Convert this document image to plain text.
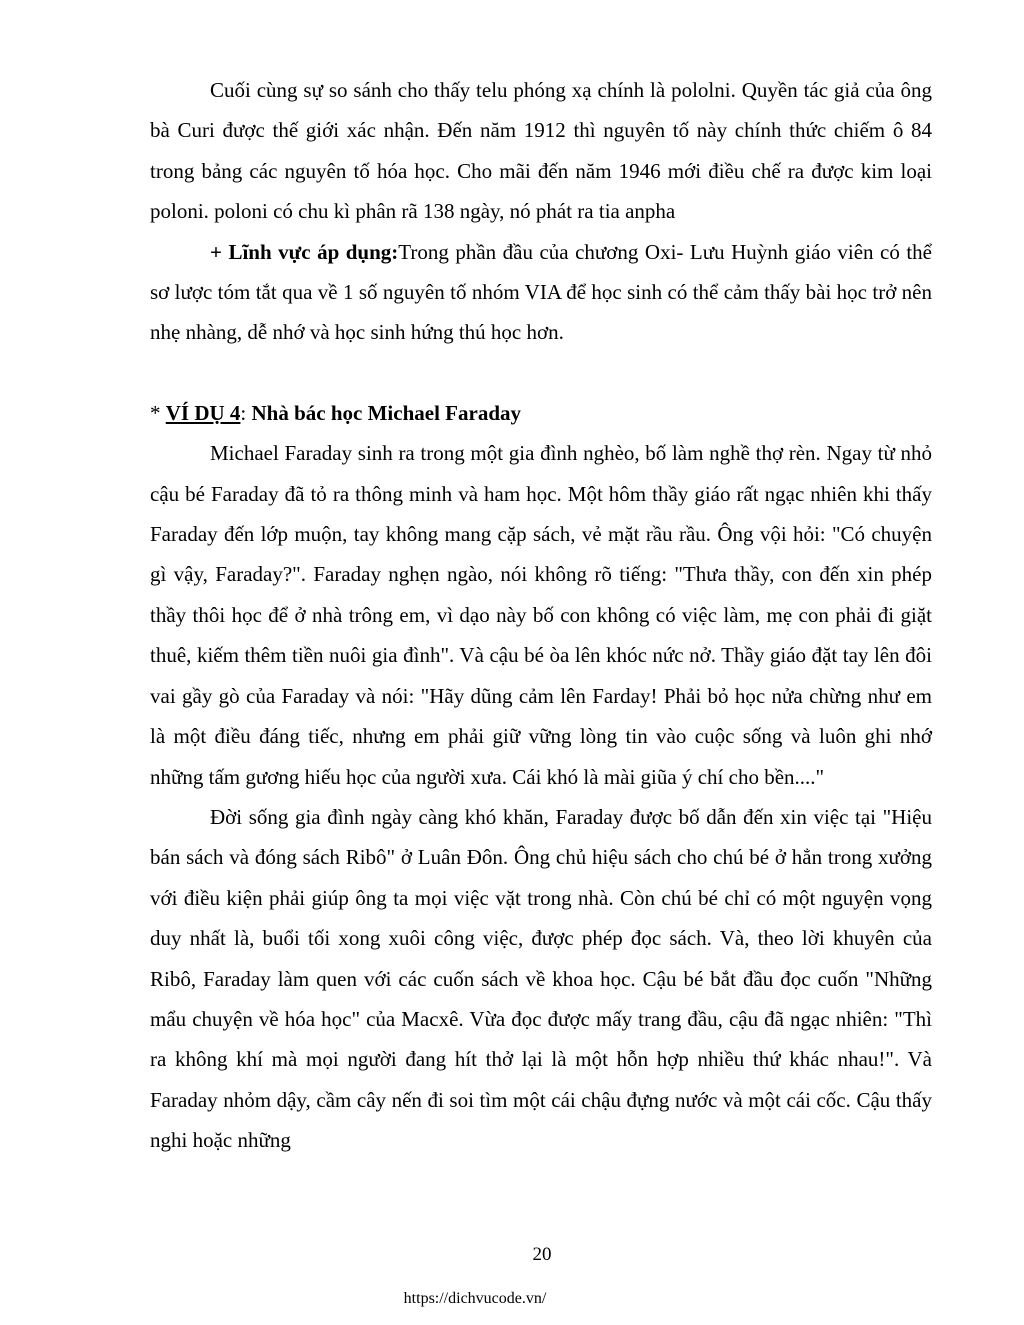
Cuối cùng sự so sánh cho thấy telu phóng xạ chính là pololni. Quyền tác giả của ông bà Curi được thế giới xác nhận. Đến năm 1912 thì nguyên tố này chính thức chiếm ô 84 trong bảng các nguyên tố hóa học. Cho mãi đến năm 1946 mới điều chế ra được kim loại poloni. poloni có chu kì phân rã 138 ngày, nó phát ra tia anpha

+ Lĩnh vực áp dụng:Trong phần đầu của chương Oxi- Lưu Huỳnh giáo viên có thể sơ lược tóm tắt qua về 1 số nguyên tố nhóm VIA để học sinh có thể cảm thấy bài học trở nên nhẹ nhàng, dễ nhớ và học sinh hứng thú học hơn.

* VÍ DỤ 4: Nhà bác học Michael Faraday

Michael Faraday sinh ra trong một gia đình nghèo, bố làm nghề thợ rèn. Ngay từ nhỏ cậu bé Faraday đã tỏ ra thông minh và ham học. Một hôm thầy giáo rất ngạc nhiên khi thấy Faraday đến lớp muộn, tay không mang cặp sách, vẻ mặt rầu rầu. Ông vội hỏi: "Có chuyện gì vậy, Faraday?". Faraday nghẹn ngào, nói không rõ tiếng: "Thưa thầy, con đến xin phép thầy thôi học để ở nhà trông em, vì dạo này bố con không có việc làm, mẹ con phải đi giặt thuê, kiếm thêm tiền nuôi gia đình". Và cậu bé òa lên khóc nức nở. Thầy giáo đặt tay lên đôi vai gầy gò của Faraday và nói: "Hãy dũng cảm lên Farday! Phải bỏ học nửa chừng như em là một điều đáng tiếc, nhưng em phải giữ vững lòng tin vào cuộc sống và luôn ghi nhớ những tấm gương hiếu học của người xưa. Cái khó là mài giũa ý chí cho bền...."

Đời sống gia đình ngày càng khó khăn, Faraday được bố dẫn đến xin việc tại "Hiệu bán sách và đóng sách Ribô" ở Luân Đôn. Ông chủ hiệu sách cho chú bé ở hẳn trong xưởng với điều kiện phải giúp ông ta mọi việc vặt trong nhà. Còn chú bé chỉ có một nguyện vọng duy nhất là, buổi tối xong xuôi công việc, được phép đọc sách. Và, theo lời khuyên của Ribô, Faraday làm quen với các cuốn sách về khoa học. Cậu bé bắt đầu đọc cuốn "Những mẩu chuyện về hóa học" của Macxê. Vừa đọc được mấy trang đầu, cậu đã ngạc nhiên: "Thì ra không khí mà mọi người đang hít thở lại là một hỗn hợp nhiều thứ khác nhau!". Và Faraday nhỏm dậy, cầm cây nến đi soi tìm một cái chậu đựng nước và một cái cốc. Cậu thấy nghi hoặc những

20
https://dichvucode.vn/
